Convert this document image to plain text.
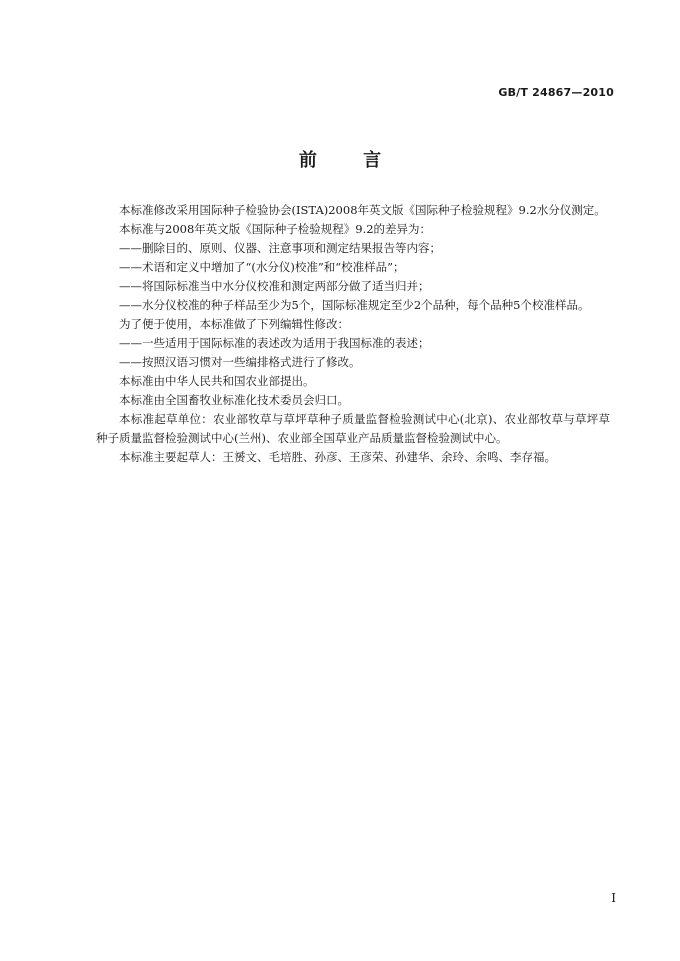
GB/T 24867—2010
前 言

本标准修改采用国际种子检验协会(ISTA)2008年英文版《国际种子检验规程》9.2水分仪测定。

本标准与2008年英文版《国际种子检验规程》9.2的差异为：

——删除目的、原则、仪器、注意事项和测定结果报告等内容；

——术语和定义中增加了“(水分仪)校准”和“校准样品”；

——将国际标准当中水分仪校准和测定两部分做了适当归并；

——水分仪校准的种子样品至少为5个，国际标准规定至少2个品种，每个品种5个校准样品。

为了便于使用，本标准做了下列编辑性修改：

——一些适用于国际标准的表述改为适用于我国标准的表述；

——按照汉语习惯对一些编排格式进行了修改。

本标准由中华人民共和国农业部提出。

本标准由全国畜牧业标准化技术委员会归口。

本标准起草单位：农业部牧草与草坪草种子质量监督检验测试中心(北京)、农业部牧草与草坪草种子质量监督检验测试中心(兰州)、农业部全国草业产品质量监督检验测试中心。

本标准主要起草人：王赟文、毛培胜、孙彦、王彦荣、孙建华、余玲、余鸣、李存福。

I
